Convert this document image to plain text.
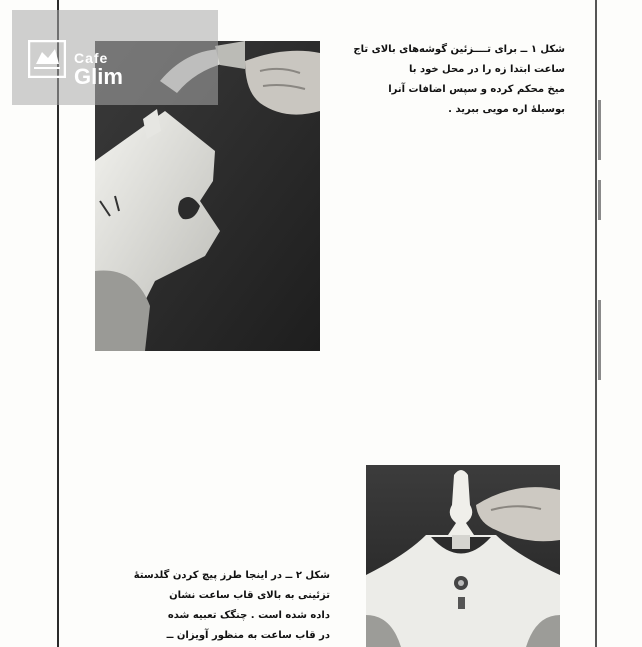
شکل ۱ ــ برای تــــزئین گوشه‌های بالای تاج

ساعت ابتدا زه را در محل خود با

میخ محکم کرده و سپس اضافات آنرا

بوسیلهٔ اره مویی ببرید .

شکل ۲ ــ در اینجا طرز پیچ کردن گلدستهٔ

تزئینی به بالای قاب ساعت نشان

داده شده است . چنگک تعبیه شده

در قاب ساعت به منظور آویزان ــ

Cafe
Glim
